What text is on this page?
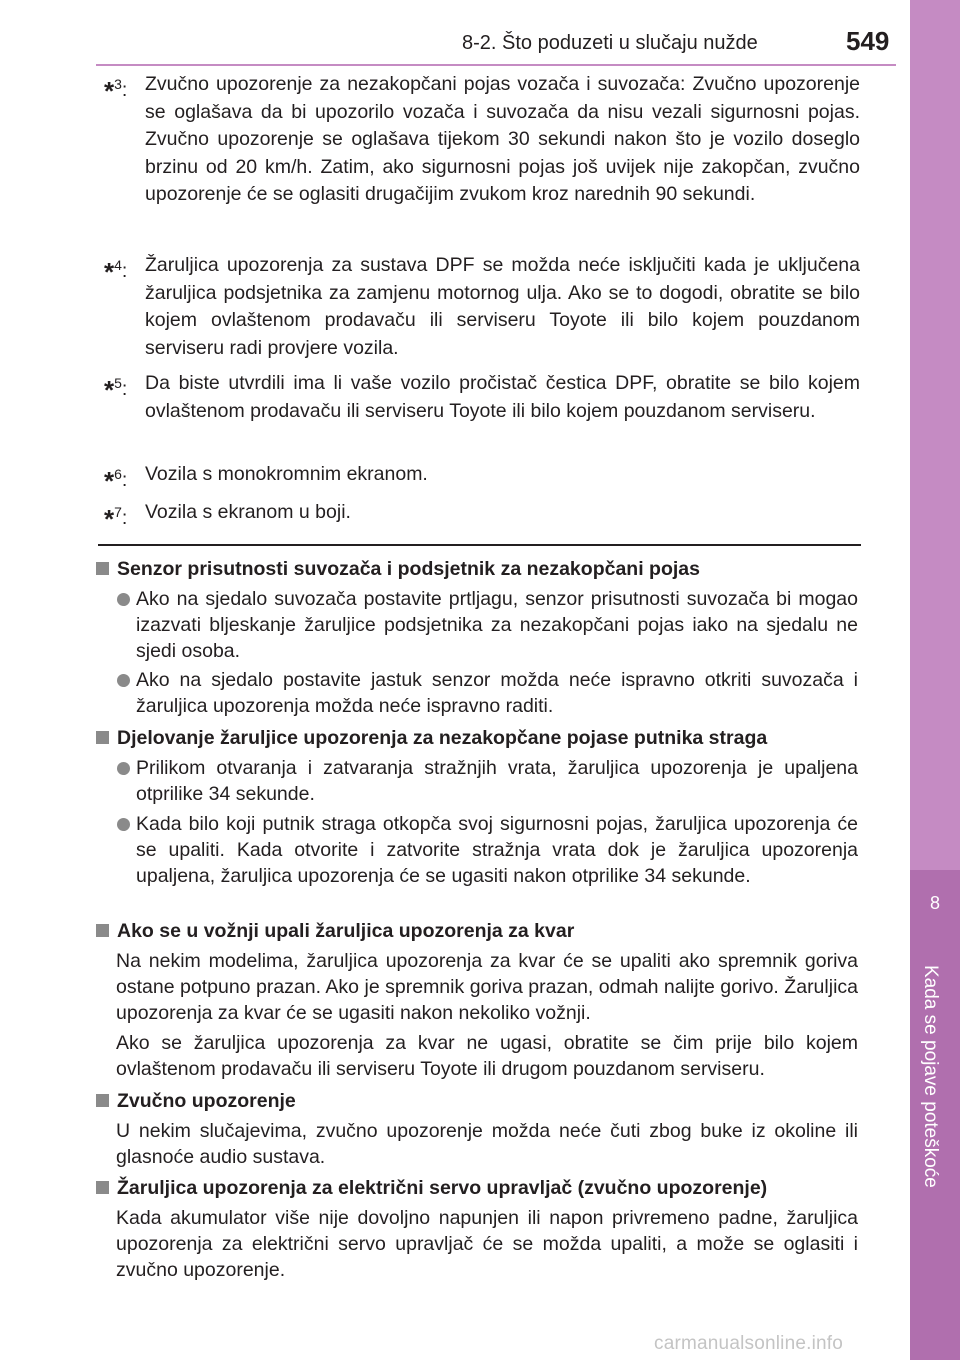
8-2. Što poduzeti u slučaju nužde	549
8
Kada se pojave poteškoće
*$^3$: Zvučno upozorenje za nezakopčani pojas vozača i suvozača: Zvučno upozorenje se oglašava da bi upozorilo vozača i suvozača da nisu vezali sigurnosni pojas. Zvučno upozorenje se oglašava tijekom 30 sekundi nakon što je vozilo doseglo brzinu od 20 km/h. Zatim, ako sigurnosni pojas još uvijek nije zakopčan, zvučno upozorenje će se oglasiti drugačijim zvukom kroz narednih 90 sekundi.
*$^4$: Žaruljica upozorenja za sustava DPF se možda neće isključiti kada je uključena žaruljica podsjetnika za zamjenu motornog ulja. Ako se to dogodi, obratite se bilo kojem ovlaštenom prodavaču ili serviseru Toyote ili bilo kojem pouzdanom serviseru radi provjere vozila.
*$^5$: Da biste utvrdili ima li vaše vozilo pročistač čestica DPF, obratite se bilo kojem ovlaštenom prodavaču ili serviseru Toyote ili bilo kojem pouzdanom serviseru.
*$^6$: Vozila s monokromnim ekranom.
*$^7$: Vozila s ekranom u boji.
Senzor prisutnosti suvozača i podsjetnik za nezakopčani pojas
Ako na sjedalo suvozača postavite prtljagu, senzor prisutnosti suvozača bi mogao izazvati bljeskanje žaruljice podsjetnika za nezakopčani pojas iako na sjedalu ne sjedi osoba.
Ako na sjedalo postavite jastuk senzor možda neće ispravno otkriti suvozača i žaruljica upozorenja možda neće ispravno raditi.
Djelovanje žaruljice upozorenja za nezakopčane pojase putnika straga
Prilikom otvaranja i zatvaranja stražnjih vrata, žaruljica upozorenja je upaljena otprilike 34 sekunde.
Kada bilo koji putnik straga otkopča svoj sigurnosni pojas, žaruljica upozorenja će se upaliti. Kada otvorite i zatvorite stražnja vrata dok je žaruljica upozorenja upaljena, žaruljica upozorenja će se ugasiti nakon otprilike 34 sekunde.
Ako se u vožnji upali žaruljica upozorenja za kvar
Na nekim modelima, žaruljica upozorenja za kvar će se upaliti ako spremnik goriva ostane potpuno prazan. Ako je spremnik goriva prazan, odmah nalijte gorivo. Žaruljica upozorenja za kvar će se ugasiti nakon nekoliko vožnji.
Ako se žaruljica upozorenja za kvar ne ugasi, obratite se čim prije bilo kojem ovlaštenom prodavaču ili serviseru Toyote ili drugom pouzdanom serviseru.
Zvučno upozorenje
U nekim slučajevima, zvučno upozorenje možda neće čuti zbog buke iz okoline ili glasnoće audio sustava.
Žaruljica upozorenja za električni servo upravljač (zvučno upozorenje)
Kada akumulator više nije dovoljno napunjen ili napon privremeno padne, žaruljica upozorenja za električni servo upravljač će se možda upaliti, a može se oglasiti i zvučno upozorenje.
carmanualsonline.info
